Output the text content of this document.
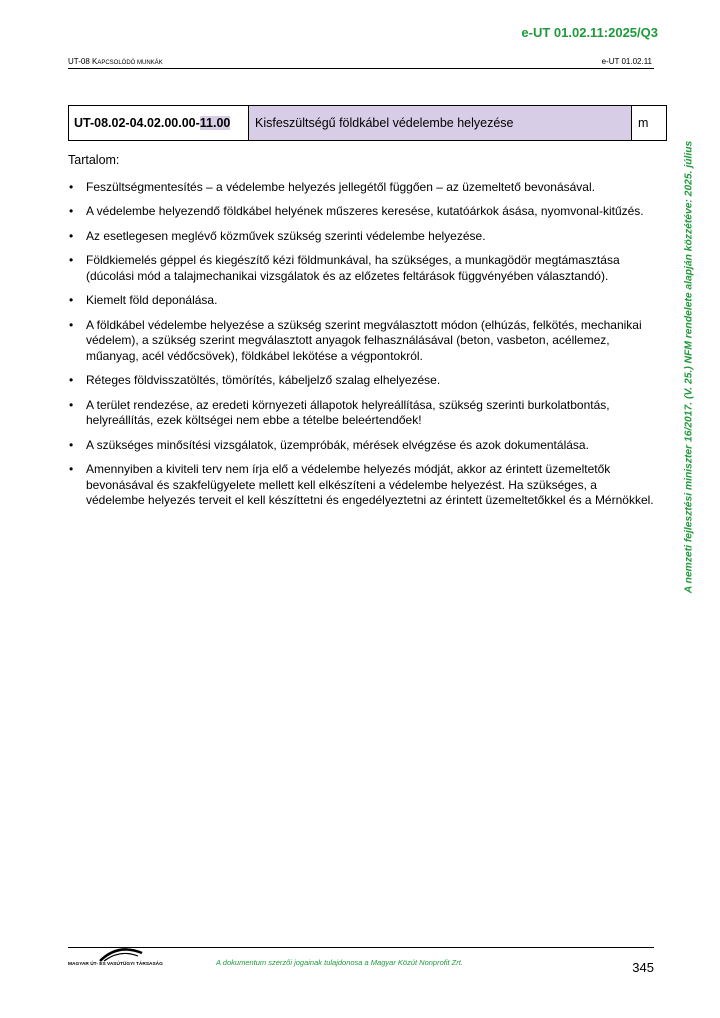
e-UT 01.02.11:2025/Q3
UT-08 KAPCSOLÓDÓ MUNKÁK	e-UT 01.02.11
A nemzeti fejlesztési miniszter 16/2017. (V. 25.) NFM rendelete alapján közzétéve: 2025. július
UT-08.02-04.02.00.00-11.00	Kisfeszültségű földkábel védelembe helyezése	m

Tartalom:

• Feszültségmentesítés – a védelembe helyezés jellegétől függően – az üzemeltető bevonásával.
• A védelembe helyezendő földkábel helyének műszeres keresése, kutatóárkok ásása, nyomvonal-kitűzés.
• Az esetlegesen meglévő közművek szükség szerinti védelembe helyezése.
• Földkiemelés géppel és kiegészítő kézi földmunkával, ha szükséges, a munkagödör megtámasztása (dúcolási mód a talajmechanikai vizsgálatok és az előzetes feltárások függvényében választandó).
• Kiemelt föld deponálása.
• A földkábel védelembe helyezése a szükség szerint megválasztott módon (elhúzás, felkötés, mechanikai védelem), a szükség szerint megválasztott anyagok felhasználásával (beton, vasbeton, acéllemez, műanyag, acél védőcsövek), földkábel lekötése a végpontokról.
• Réteges földvisszatöltés, tömörítés, kábeljelző szalag elhelyezése.
• A terület rendezése, az eredeti környezeti állapotok helyreállítása, szükség szerinti burkolatbontás, helyreállítás, ezek költségei nem ebbe a tételbe beleértendőek!
• A szükséges minősítési vizsgálatok, üzempróbák, mérések elvégzése és azok dokumentálása.
• Amennyiben a kiviteli terv nem írja elő a védelembe helyezés módját, akkor az érintett üzemeltetők bevonásával és szakfelügyelete mellett kell elkészíteni a védelembe helyezést. Ha szükséges, a védelembe helyezés terveit el kell készíttetni és engedélyeztetni az érintett üzemeltetőkkel és a Mérnökkel.
MAGYAR ÚT- ÉS VASÚTÜGYI TÁRSASÁG	A dokumentum szerzői jogainak tulajdonosa a Magyar Közút Nonprofit Zrt.	345
